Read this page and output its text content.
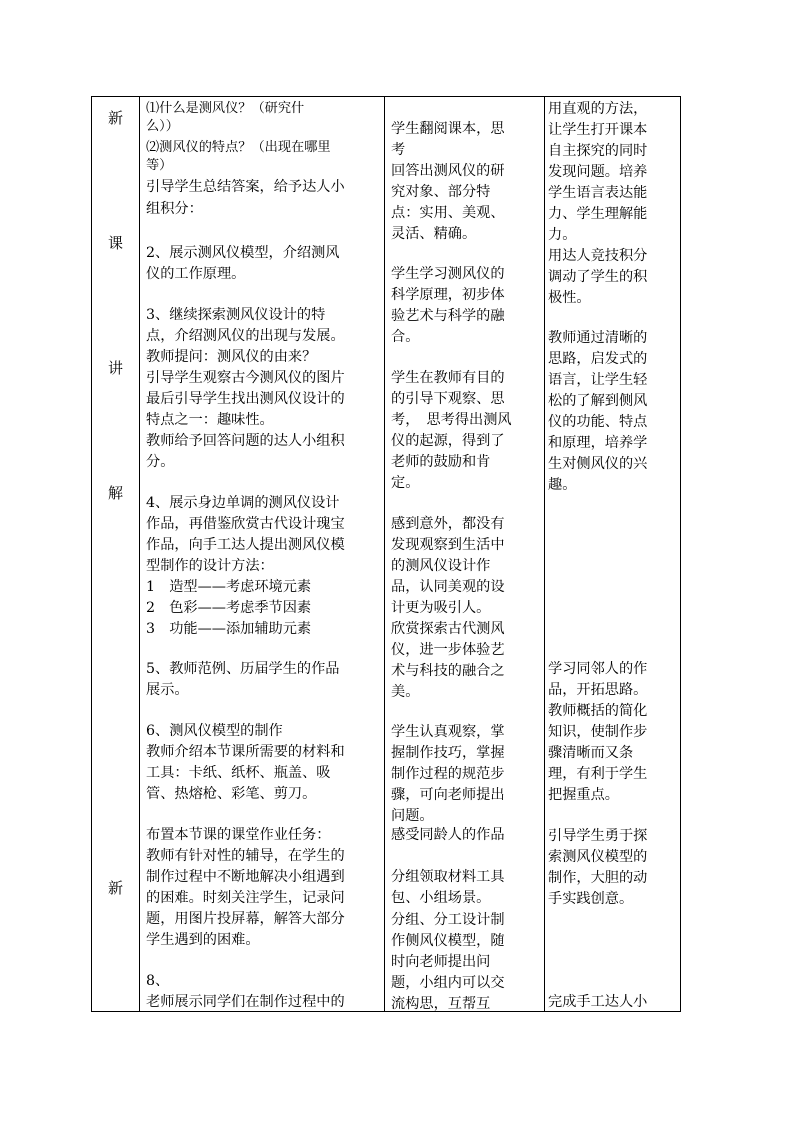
新
课
讲
解
新
⑴什么是测风仪？（研究什
么））
⑵测风仪的特点？（出现在哪里
等）
引导学生总结答案，给予达人小
组积分：
2、展示测风仪模型，介绍测风
仪的工作原理。
3、继续探索测风仪设计的特
点，介绍测风仪的出现与发展。
教师提问：测风仪的由来？
引导学生观察古今测风仪的图片
最后引导学生找出测风仪设计的
特点之一：趣味性。
教师给予回答问题的达人小组积
分。
4、展示身边单调的测风仪设计
作品，再借鉴欣赏古代设计瑰宝
作品，向手工达人提出测风仪模
型制作的设计方法：
1　造型——考虑环境元素
2　色彩——考虑季节因素
3　功能——添加辅助元素
5、教师范例、历届学生的作品
展示。
6、测风仪模型的制作
教师介绍本节课所需要的材料和
工具：卡纸、纸杯、瓶盖、吸
管、热熔枪、彩笔、剪刀。
布置本节课的课堂作业任务：
教师有针对性的辅导，在学生的
制作过程中不断地解决小组遇到
的困难。时刻关注学生，记录问
题，用图片投屏幕，解答大部分
学生遇到的困难。
8、
老师展示同学们在制作过程中的
学生翻阅课本，思
考
回答出测风仪的研
究对象、部分特
点：实用、美观、
灵活、精确。
学生学习测风仪的
科学原理，初步体
验艺术与科学的融
合。
学生在教师有目的
的引导下观察、思
考，　思考得出测风
仪的起源，得到了
老师的鼓励和肯
定。
感到意外，都没有
发现观察到生活中
的测风仪设计作
品，认同美观的设
计更为吸引人。
欣赏探索古代测风
仪，进一步体验艺
术与科技的融合之
美。
学生认真观察，掌
握制作技巧，掌握
制作过程的规范步
骤，可向老师提出
问题。
感受同龄人的作品
分组领取材料工具
包、小组场景。
分组、分工设计制
作侧风仪模型，随
时向老师提出问
题，小组内可以交
流构思，互帮互
用直观的方法，
让学生打开课本
自主探究的同时
发现问题。培养
学生语言表达能
力、学生理解能
力。
用达人竞技积分
调动了学生的积
极性。
教师通过清晰的
思路，启发式的
语言，让学生轻
松的了解到侧风
仪的功能、特点
和原理，培养学
生对侧风仪的兴
趣。
学习同邻人的作
品，开拓思路。
教师概括的简化
知识，使制作步
骤清晰而又条
理，有利于学生
把握重点。
引导学生勇于探
索测风仪模型的
制作，大胆的动
手实践创意。
完成手工达人小
